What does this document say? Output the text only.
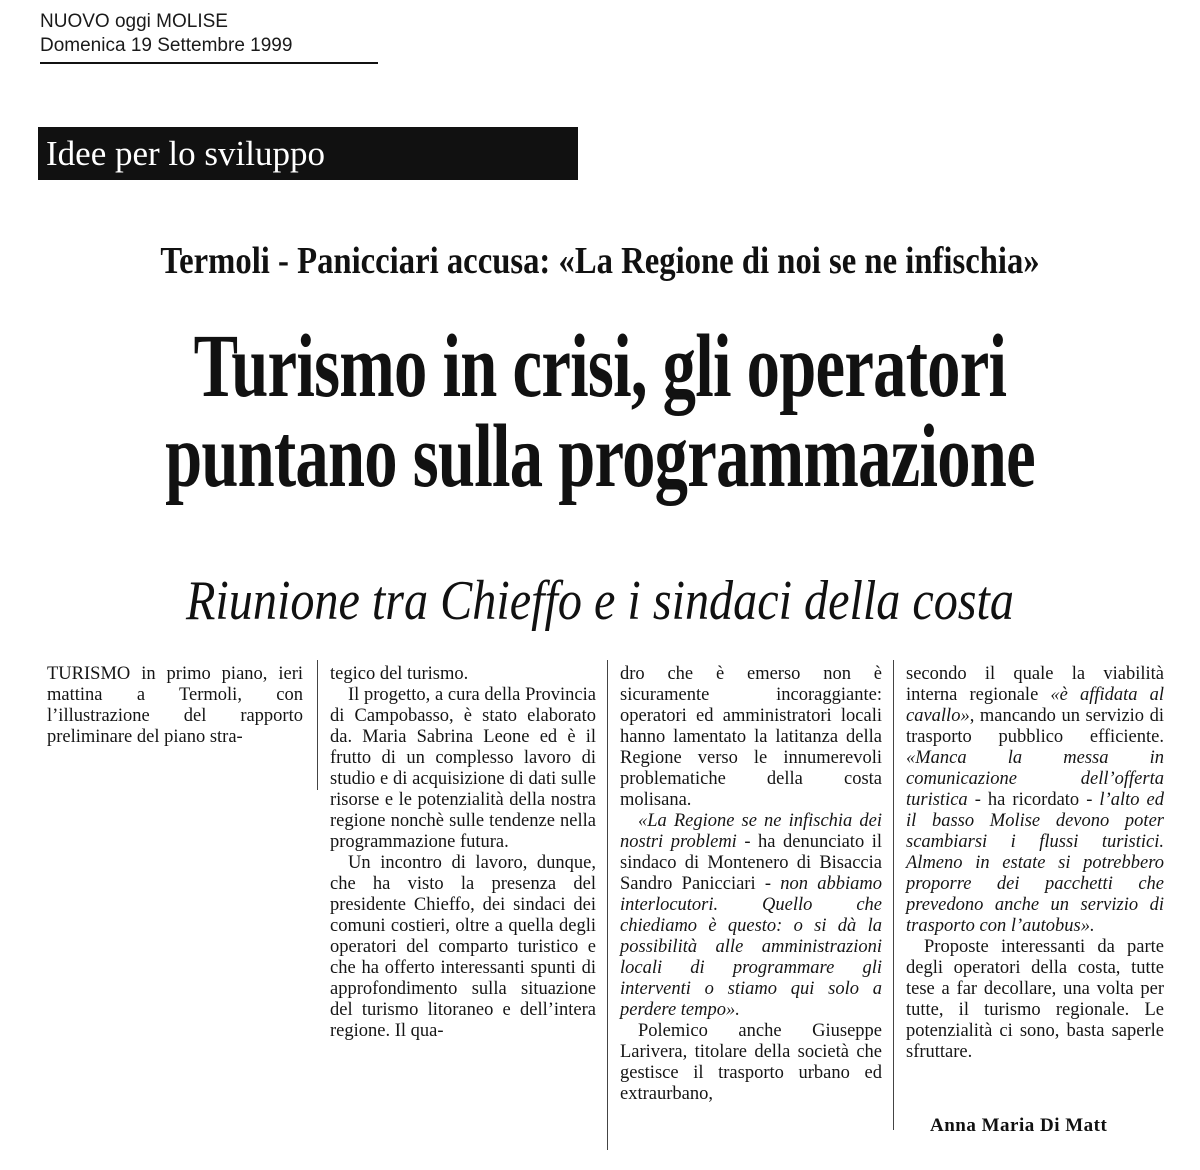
NUOVO oggi MOLISE
Domenica 19 Settembre 1999
Idee per lo sviluppo
Termoli - Panicciari accusa: «La Regione di noi se ne infischia»
Turismo in crisi, gli operatori
puntano sulla programmazione
Riunione tra Chieffo e i sindaci della costa

TURISMO in primo piano, ieri mattina a Termoli, con l’illustrazione del rapporto preliminare del piano stra-

tegico del turismo.

Il progetto, a cura della Provincia di Campobasso, è stato elaborato da. Maria Sabrina Leone ed è il frutto di un complesso lavoro di studio e di acquisizione di dati sulle risorse e le potenzialità della nostra regione nonchè sulle tendenze nella programmazione futura.

Un incontro di lavoro, dunque, che ha visto la presenza del presidente Chieffo, dei sindaci dei comuni costieri, oltre a quella degli operatori del comparto turistico e che ha offerto interessanti spunti di approfondimento sulla situazione del turismo litoraneo e dell’intera regione. Il qua-

dro che è emerso non è sicuramente incoraggiante: operatori ed amministratori locali hanno lamentato la latitanza della Regione verso le innumerevoli problematiche della costa molisana.

«La Regione se ne infischia dei nostri problemi - ha denunciato il sindaco di Montenero di Bisaccia Sandro Panicciari - non abbiamo interlocutori. Quello che chiediamo è questo: o si dà la possibilità alle amministrazioni locali di programmare gli interventi o stiamo qui solo a perdere tempo».

Polemico anche Giuseppe Larivera, titolare della società che gestisce il trasporto urbano ed extraurbano,

secondo il quale la viabilità interna regionale «è affidata al cavallo», mancando un servizio di trasporto pubblico efficiente. «Manca la messa in comunicazione dell’offerta turistica - ha ricordato - l’alto ed il basso Molise devono poter scambiarsi i flussi turistici. Almeno in estate si potrebbero proporre dei pacchetti che prevedono anche un servizio di trasporto con l’autobus».

Proposte interessanti da parte degli operatori della costa, tutte tese a far decollare, una volta per tutte, il turismo regionale. Le potenzialità ci sono, basta saperle sfruttare.

Anna Maria Di Matt
